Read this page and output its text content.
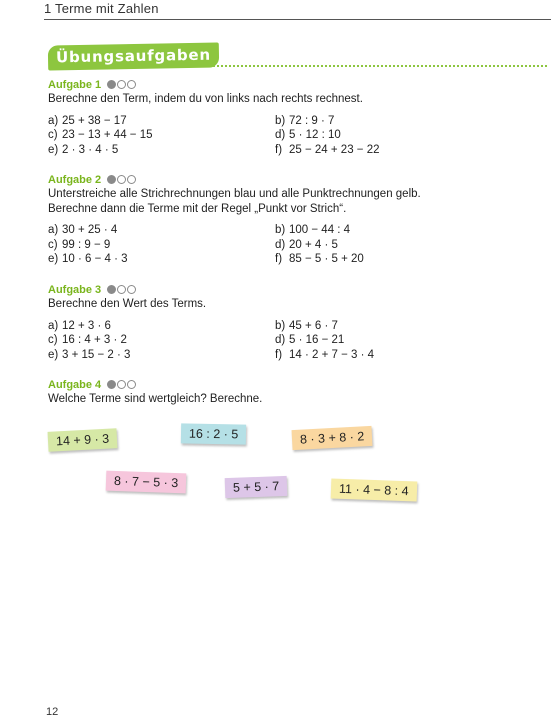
1 Terme mit Zahlen
Übungsaufgaben
Aufgabe 1
Berechne den Term, indem du von links nach rechts rechnest.
a) 25 + 38 − 17	b) 72 : 9 · 7
c) 23 − 13 + 44 − 15	d) 5 · 12 : 10
e) 2 · 3 · 4 · 5	f) 25 − 24 + 23 − 22
Aufgabe 2
Unterstreiche alle Strichrechnungen blau und alle Punktrechnungen gelb.
Berechne dann die Terme mit der Regel „Punkt vor Strich“.
a) 30 + 25 · 4	b) 100 − 44 : 4
c) 99 : 9 − 9	d) 20 + 4 · 5
e) 10 · 6 − 4 · 3	f) 85 − 5 · 5 + 20
Aufgabe 3
Berechne den Wert des Terms.
a) 12 + 3 · 6	b) 45 + 6 · 7
c) 16 : 4 + 3 · 2	d) 5 · 16 − 21
e) 3 + 15 − 2 · 3	f) 14 · 2 + 7 − 3 · 4
Aufgabe 4
Welche Terme sind wertgleich? Berechne.
14 + 9 · 3	16 : 2 · 5	8 · 3 + 8 · 2
8 · 7 − 5 · 3	5 + 5 · 7	11 · 4 − 8 : 4
12
